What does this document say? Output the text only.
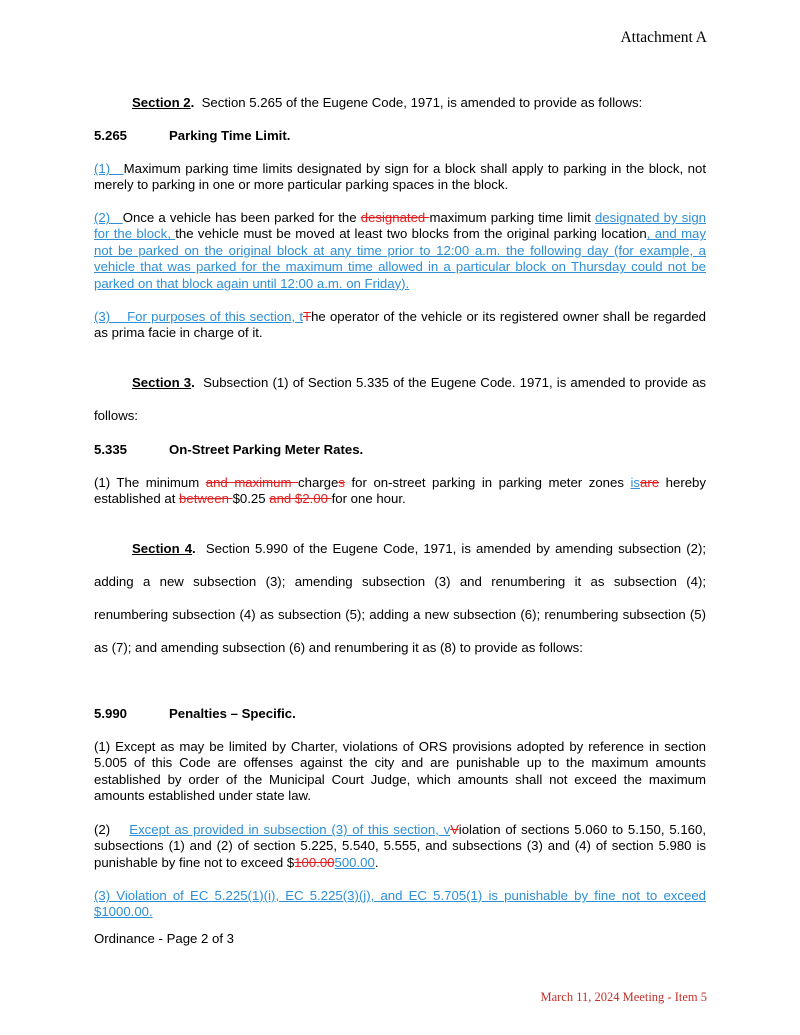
Attachment A
Section 2. Section 5.265 of the Eugene Code, 1971, is amended to provide as follows:
5.265	Parking Time Limit.
(1)   Maximum parking time limits designated by sign for a block shall apply to parking in the block, not merely to parking in one or more particular parking spaces in the block.
(2)   Once a vehicle has been parked for the designated maximum parking time limit designated by sign for the block, the vehicle must be moved at least two blocks from the original parking location, and may not be parked on the original block at any time prior to 12:00 a.m. the following day (for example, a vehicle that was parked for the maximum time allowed in a particular block on Thursday could not be parked on that block again until 12:00 a.m. on Friday).
(3)    For purposes of this section, tThe operator of the vehicle or its registered owner shall be regarded as prima facie in charge of it.
Section 3. Subsection (1) of Section 5.335 of the Eugene Code. 1971, is amended to provide as follows:
5.335	On-Street Parking Meter Rates.
(1) The minimum and maximum charges for on-street parking in parking meter zones isare hereby established at between $0.25 and $2.00 for one hour.
Section 4. Section 5.990 of the Eugene Code, 1971, is amended by amending subsection (2); adding a new subsection (3); amending subsection (3) and renumbering it as subsection (4); renumbering subsection (4) as subsection (5); adding a new subsection (6); renumbering subsection (5) as (7); and amending subsection (6) and renumbering it as (8) to provide as follows:
5.990	Penalties – Specific.
(1) Except as may be limited by Charter, violations of ORS provisions adopted by reference in section 5.005 of this Code are offenses against the city and are punishable up to the maximum amounts established by order of the Municipal Court Judge, which amounts shall not exceed the maximum amounts established under state law.
(2)    Except as provided in subsection (3) of this section, vViolation of sections 5.060 to 5.150, 5.160, subsections (1) and (2) of section 5.225, 5.540, 5.555, and subsections (3) and (4) of section 5.980 is punishable by fine not to exceed $100.00500.00.
(3) Violation of EC 5.225(1)(i), EC 5.225(3)(j), and EC 5.705(1) is punishable by fine not to exceed $1000.00.
Ordinance - Page 2 of 3
March 11, 2024 Meeting - Item 5
